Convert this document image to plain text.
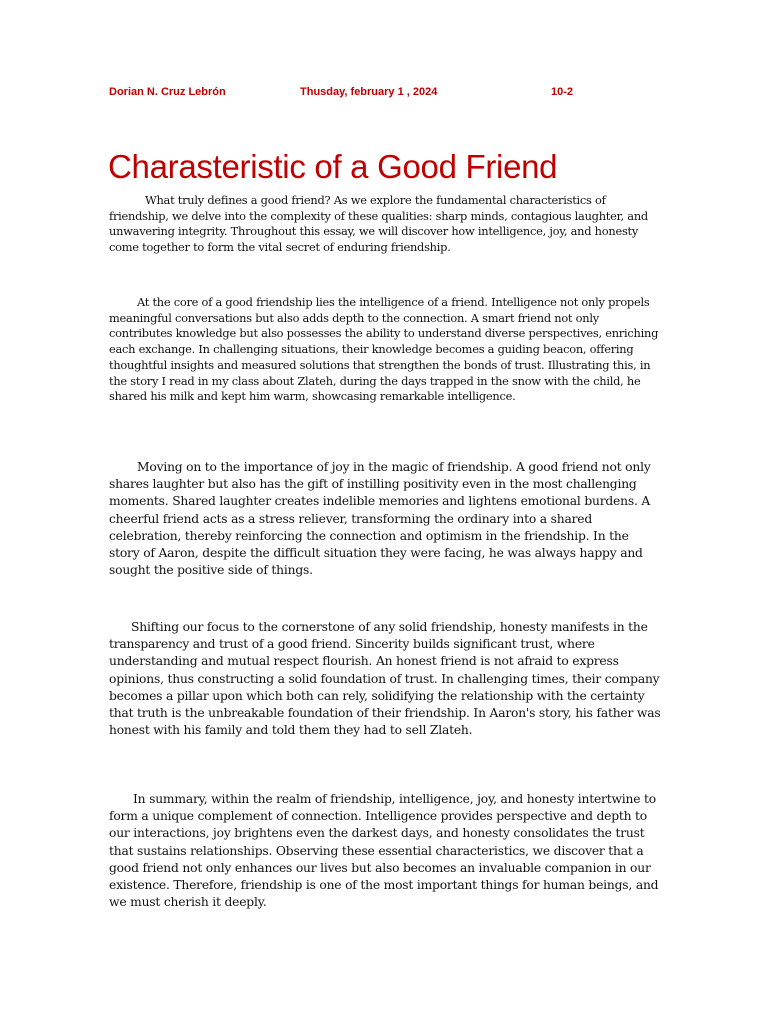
Dorian N. Cruz Lebrón	Thusday, february 1 , 2024	10-2
Charasteristic of a Good Friend

What truly defines a good friend? As we explore the fundamental characteristics of friendship, we delve into the complexity of these qualities: sharp minds, contagious laughter, and unwavering integrity. Throughout this essay, we will discover how intelligence, joy, and honesty come together to form the vital secret of enduring friendship.

At the core of a good friendship lies the intelligence of a friend. Intelligence not only propels meaningful conversations but also adds depth to the connection. A smart friend not only contributes knowledge but also possesses the ability to understand diverse perspectives, enriching each exchange. In challenging situations, their knowledge becomes a guiding beacon, offering thoughtful insights and measured solutions that strengthen the bonds of trust. Illustrating this, in the story I read in my class about Zlateh, during the days trapped in the snow with the child, he shared his milk and kept him warm, showcasing remarkable intelligence.

Moving on to the importance of joy in the magic of friendship. A good friend not only shares laughter but also has the gift of instilling positivity even in the most challenging moments. Shared laughter creates indelible memories and lightens emotional burdens. A cheerful friend acts as a stress reliever, transforming the ordinary into a shared celebration, thereby reinforcing the connection and optimism in the friendship. In the story of Aaron, despite the difficult situation they were facing, he was always happy and sought the positive side of things.

Shifting our focus to the cornerstone of any solid friendship, honesty manifests in the transparency and trust of a good friend. Sincerity builds significant trust, where understanding and mutual respect flourish. An honest friend is not afraid to express opinions, thus constructing a solid foundation of trust. In challenging times, their company becomes a pillar upon which both can rely, solidifying the relationship with the certainty that truth is the unbreakable foundation of their friendship. In Aaron's story, his father was honest with his family and told them they had to sell Zlateh.

In summary, within the realm of friendship, intelligence, joy, and honesty intertwine to form a unique complement of connection. Intelligence provides perspective and depth to our interactions, joy brightens even the darkest days, and honesty consolidates the trust that sustains relationships. Observing these essential characteristics, we discover that a good friend not only enhances our lives but also becomes an invaluable companion in our existence. Therefore, friendship is one of the most important things for human beings, and we must cherish it deeply.
